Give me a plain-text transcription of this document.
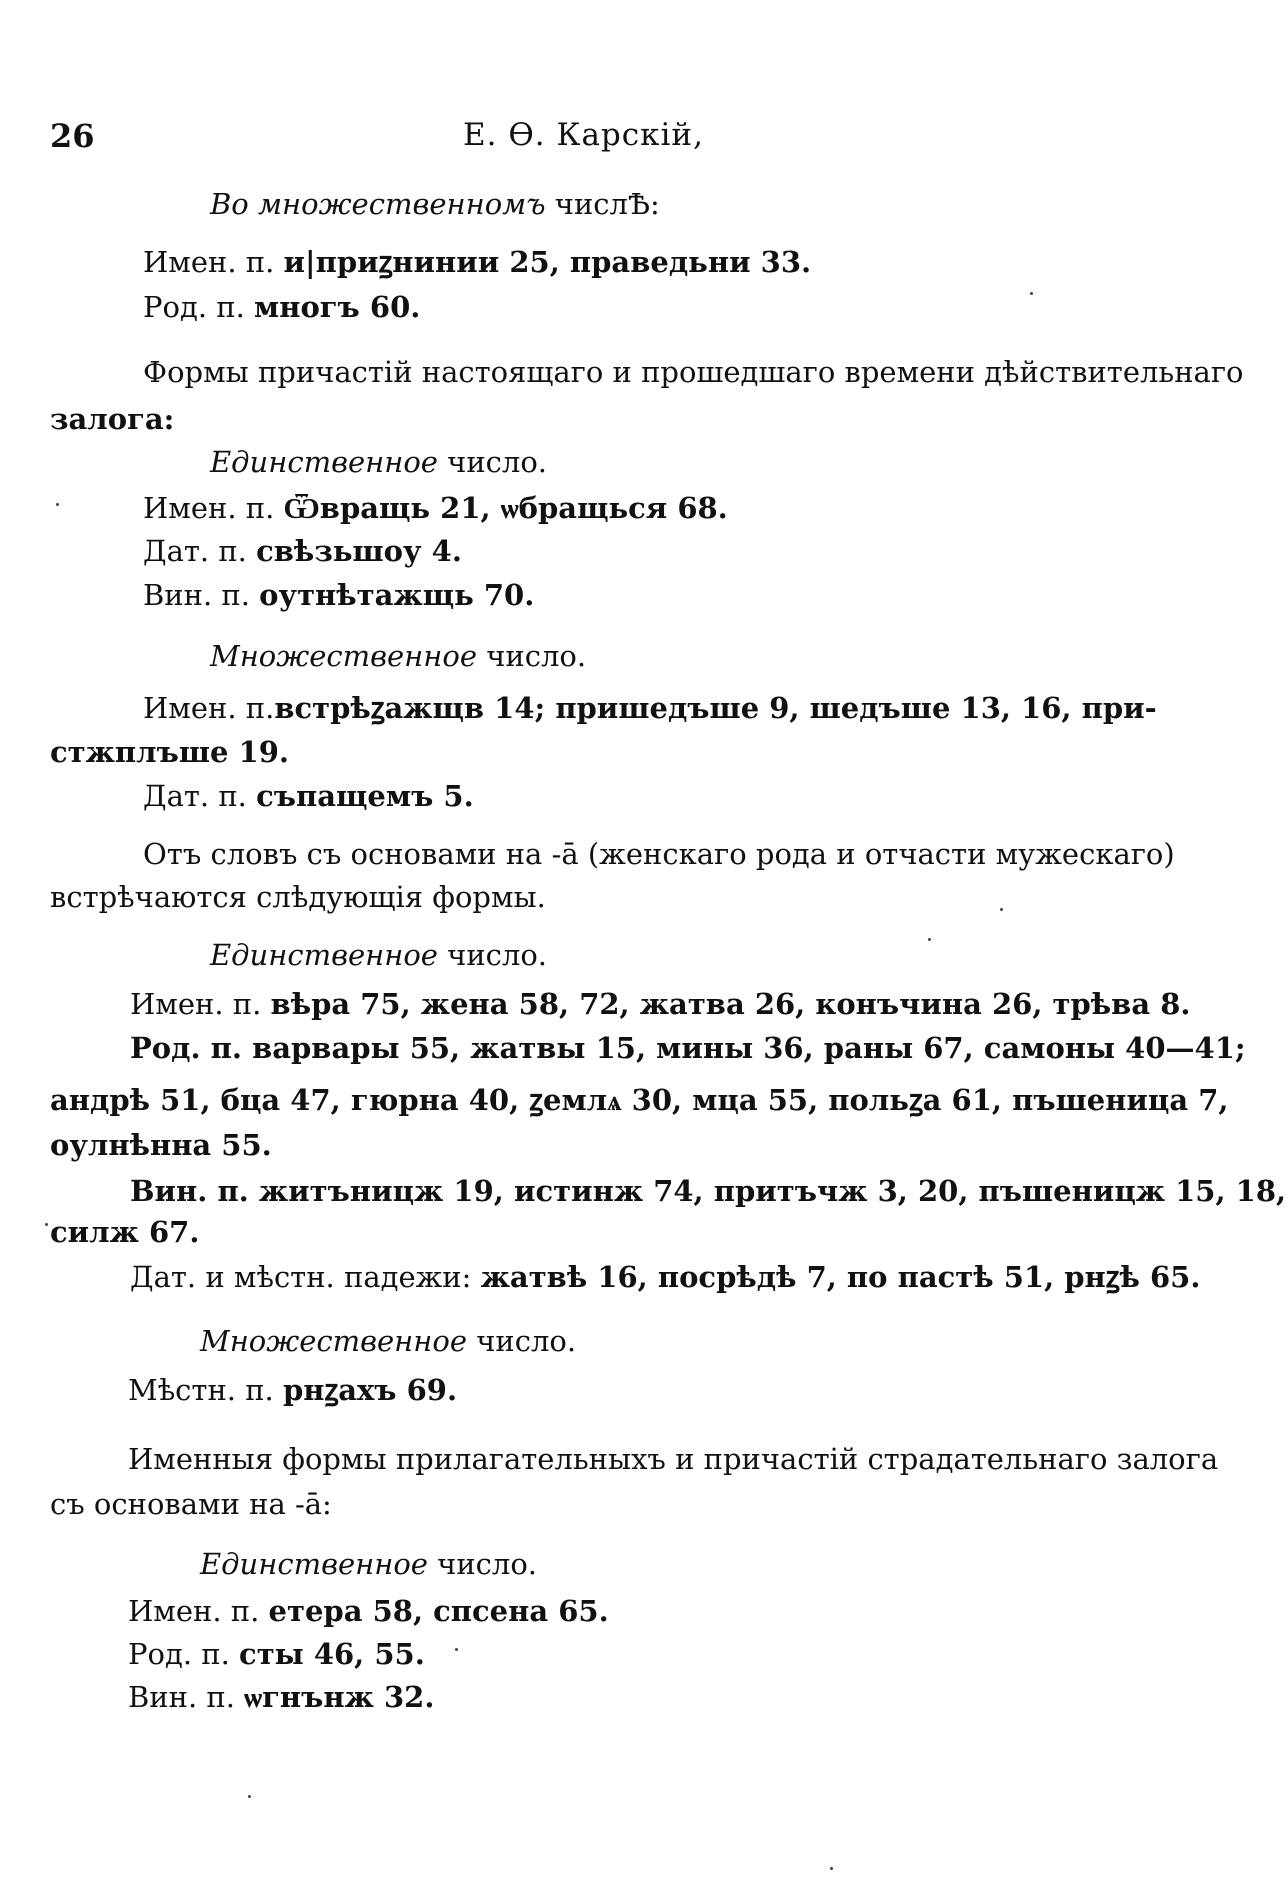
26	Е. Ѳ. Карскій,
Во множественномъ числѢ:
Имен. п. и|приꙁнинии 25, праведьни 33.
Род. п. многъ 60.
Формы причастій настоящаго и прошедшаго времени дѣйствительнаго
залога:
Единственное число.
Имен. п. Ѿвращь 21, ѡбращься 68.
Дат. п. свѣзьшоу 4.
Вин. п. оутнѣтажщь 70.
Множественное число.
Имен. п. встрѣꙁажщв 14; пришедъше 9, шедъше 13, 16, при-
стжплъше 19.
Дат. п. съпащемъ 5.
Отъ словъ съ основами на -ā (женскаго рода и отчасти мужескаго)
встрѣчаются слѣдующія формы.
Единственное число.
Имен. п. вѣра 75, жена 58, 72, жатва 26, конъчина 26, трѣва 8.
Род. п. варвары 55, жатвы 15, мины 36, раны 67, самоны 40—41;
андрѣ 51, бца 47, гюрна 40, ꙁемлѧ 30, мца 55, польꙁа 61, пъшеница 7,
оулнѣнна 55.
Вин. п. житъницж 19, истинж 74, притъчж 3, 20, пъшеницж 15, 18,
силж 67.
Дат. и мѣстн. падежи: жатвѣ 16, посрѣдѣ 7, по пастѣ 51, рнꙁѣ 65.
Множественное число.
Мѣстн. п. рнꙁахъ 69.
Именныя формы прилагательныхъ и причастій страдательнаго залога
съ основами на -ā:
Единственное число.
Имен. п. етера 58, спсена 65.
Род. п. сты 46, 55.
Вин. п. ѡгнънж 32.
